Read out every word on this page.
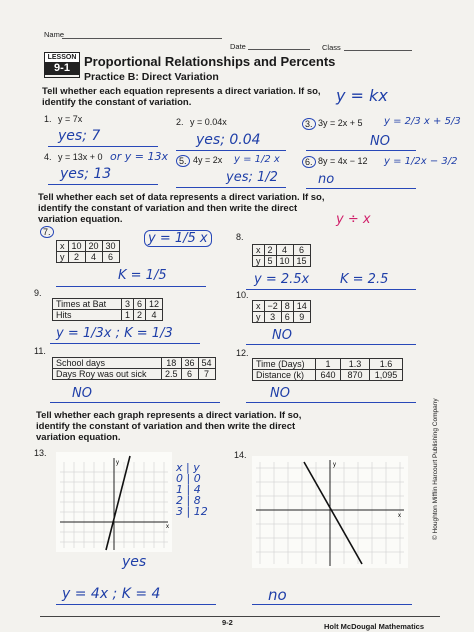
Name
Date	Class
LESSON
9-1	Proportional Relationships and Percents
Practice B: Direct Variation
Tell whether each equation represents a direct variation. If so,
identify the constant of variation.	y = kx
1. y = 7x
yes; 7
2. y = 0.04x
yes; 0.04
3. 3y = 2x + 5 y = 2/3 x + 5/3
NO
4. y = 13x + 0 or y = 13x
yes; 13
5. 4y = 2x y = 1/2 x
yes; 1/2
6. 8y = 4x − 12 y = 1/2x − 3/2
no
Tell whether each set of data represents a direct variation. If so,
identify the constant of variation and then write the direct
variation equation.	y ÷ x
7.
x	10	20	30
y	2	4	6
y = 1/5 x
K = 1/5
8.
x	2	4	6
y	5	10	15
y = 2.5x K = 2.5
9.
Times at Bat	3	6	12
Hits	1	2	4
y = 1/3x ; K = 1/3
10.
x	−2	8	14
y	3	6	9
NO
11.
School days	18	36	54
Days Roy was out sick	2.5	6	7
NO
12.
Time (Days)	1	1.3	1.6
Distance (k)	640	870	1,095
NO
Tell whether each graph represents a direct variation. If so,
identify the constant of variation and then write the direct
variation equation.
13.
y
x
x | y
0 | 0
1 | 4
2 | 8
3 | 12
yes
y = 4x ; K = 4
14.
y
x
no
© Houghton Mifflin Harcourt Publishing Company
9-2	Holt McDougal Mathematics
